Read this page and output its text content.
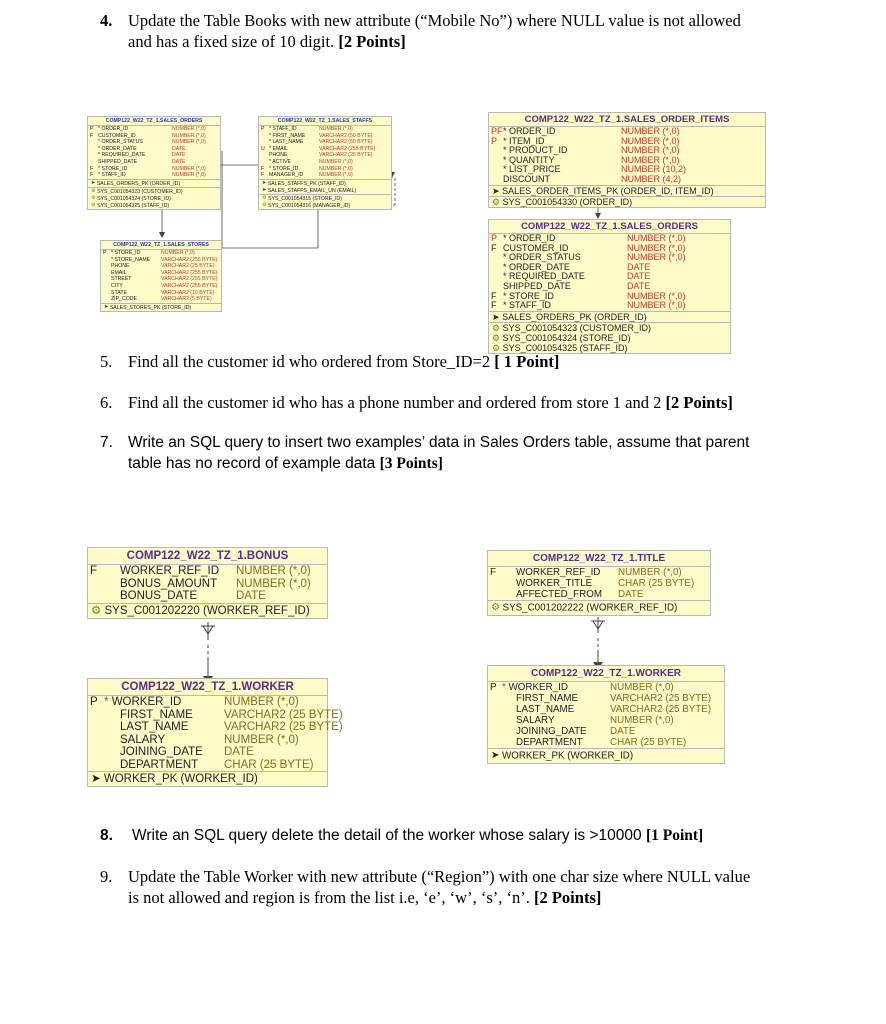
4. Update the Table Books with new attribute (“Mobile No”) where NULL value is not allowed
and has a fixed size of 10 digit. [2 Points]
COMP122_W22_TZ_1.SALES_ORDERS
P * ORDER_ID	NUMBER (*,0)
F CUSTOMER_ID	NUMBER (*,0)
* ORDER_STATUS	NUMBER (*,0)
* ORDER_DATE	DATE
* REQUIRED_DATE	DATE
SHIPPED_DATE	DATE
F * STORE_ID	NUMBER (*,0)
F * STAFF_ID	NUMBER (*,0)
➤ SALES_ORDERS_PK (ORDER_ID)
⚙ SYS_C001054323 (CUSTOMER_ID)
⚙ SYS_C001054324 (STORE_ID)
⚙ SYS_C001054325 (STAFF_ID)
COMP122_W22_TZ_1.SALES_STAFFS
P * STAFF_ID	NUMBER (*,0)
* FIRST_NAME	VARCHAR2 (50 BYTE)
* LAST_NAME	VARCHAR2 (50 BYTE)
U * EMAIL	VARCHAR2 (255 BYTE)
PHONE	VARCHAR2 (25 BYTE)
* ACTIVE	NUMBER (*,0)
F * STORE_ID	NUMBER (*,0)
F MANAGER_ID	NUMBER (*,0)
➤ SALES_STAFFS_PK (STAFF_ID)
➤ SALES_STAFFS_EMAIL_UN (EMAIL)
⚙ SYS_C001054315 (STORE_ID)
⚙ SYS_C001054316 (MANAGER_ID)
COMP122_W22_TZ_1.SALES_STORES
P * STORE_ID	NUMBER (*,0)
* STORE_NAME VARCHAR2 (255 BYTE)
PHONE	VARCHAR2 (25 BYTE)
EMAIL	VARCHAR2 (255 BYTE)
STREET	VARCHAR2 (255 BYTE)
CITY	VARCHAR2 (255 BYTE)
STATE	VARCHAR2 (10 BYTE)
ZIP_CODE	VARCHAR2 (5 BYTE)
➤ SALES_STORES_PK (STORE_ID)
COMP122_W22_TZ_1.SALES_ORDER_ITEMS
PF * ORDER_ID	NUMBER (*,0)
P * ITEM_ID	NUMBER (*,0)
* PRODUCT_ID	NUMBER (*,0)
* QUANTITY	NUMBER (*,0)
* LIST_PRICE	NUMBER (10,2)
DISCOUNT	NUMBER (4,2)
➤ SALES_ORDER_ITEMS_PK (ORDER_ID, ITEM_ID)
⚙ SYS_C001054330 (ORDER_ID)
COMP122_W22_TZ_1.SALES_ORDERS
P * ORDER_ID	NUMBER (*,0)
F CUSTOMER_ID	NUMBER (*,0)
* ORDER_STATUS	NUMBER (*,0)
* ORDER_DATE	DATE
* REQUIRED_DATE	DATE
SHIPPED_DATE	DATE
F * STORE_ID	NUMBER (*,0)
F * STAFF_ID	NUMBER (*,0)
➤ SALES_ORDERS_PK (ORDER_ID)
⚙ SYS_C001054323 (CUSTOMER_ID)
⚙ SYS_C001054324 (STORE_ID)
⚙ SYS_C001054325 (STAFF_ID)
5. Find all the customer id who ordered from Store_ID=2 [ 1 Point]
6. Find all the customer id who has a phone number and ordered from store 1 and 2 [2 Points]
7. Write an SQL query to insert two examples’ data in Sales Orders table, assume that parent
table has no record of example data [3 Points]
COMP122_W22_TZ_1.BONUS
F WORKER_REF_ID NUMBER (*,0)
BONUS_AMOUNT NUMBER (*,0)
BONUS_DATE	DATE
⚙ SYS_C001202220 (WORKER_REF_ID)
COMP122_W22_TZ_1.WORKER
P * WORKER_ID	NUMBER (*,0)
FIRST_NAME	VARCHAR2 (25 BYTE)
LAST_NAME	VARCHAR2 (25 BYTE)
SALARY	NUMBER (*,0)
JOINING_DATE DATE
DEPARTMENT CHAR (25 BYTE)
➤ WORKER_PK (WORKER_ID)
COMP122_W22_TZ_1.TITLE
F WORKER_REF_ID NUMBER (*,0)
WORKER_TITLE	CHAR (25 BYTE)
AFFECTED_FROM DATE
⚙ SYS_C001202222 (WORKER_REF_ID)
COMP122_W22_TZ_1.WORKER
P * WORKER_ID	NUMBER (*,0)
FIRST_NAME	VARCHAR2 (25 BYTE)
LAST_NAME	VARCHAR2 (25 BYTE)
SALARY	NUMBER (*,0)
JOINING_DATE DATE
DEPARTMENT	CHAR (25 BYTE)
➤ WORKER_PK (WORKER_ID)
8. Write an SQL query delete the detail of the worker whose salary is >10000 [1 Point]
9. Update the Table Worker with new attribute (“Region”) with one char size where NULL value
is not allowed and region is from the list i.e, ‘e’, ‘w’, ‘s’, ‘n’. [2 Points]
